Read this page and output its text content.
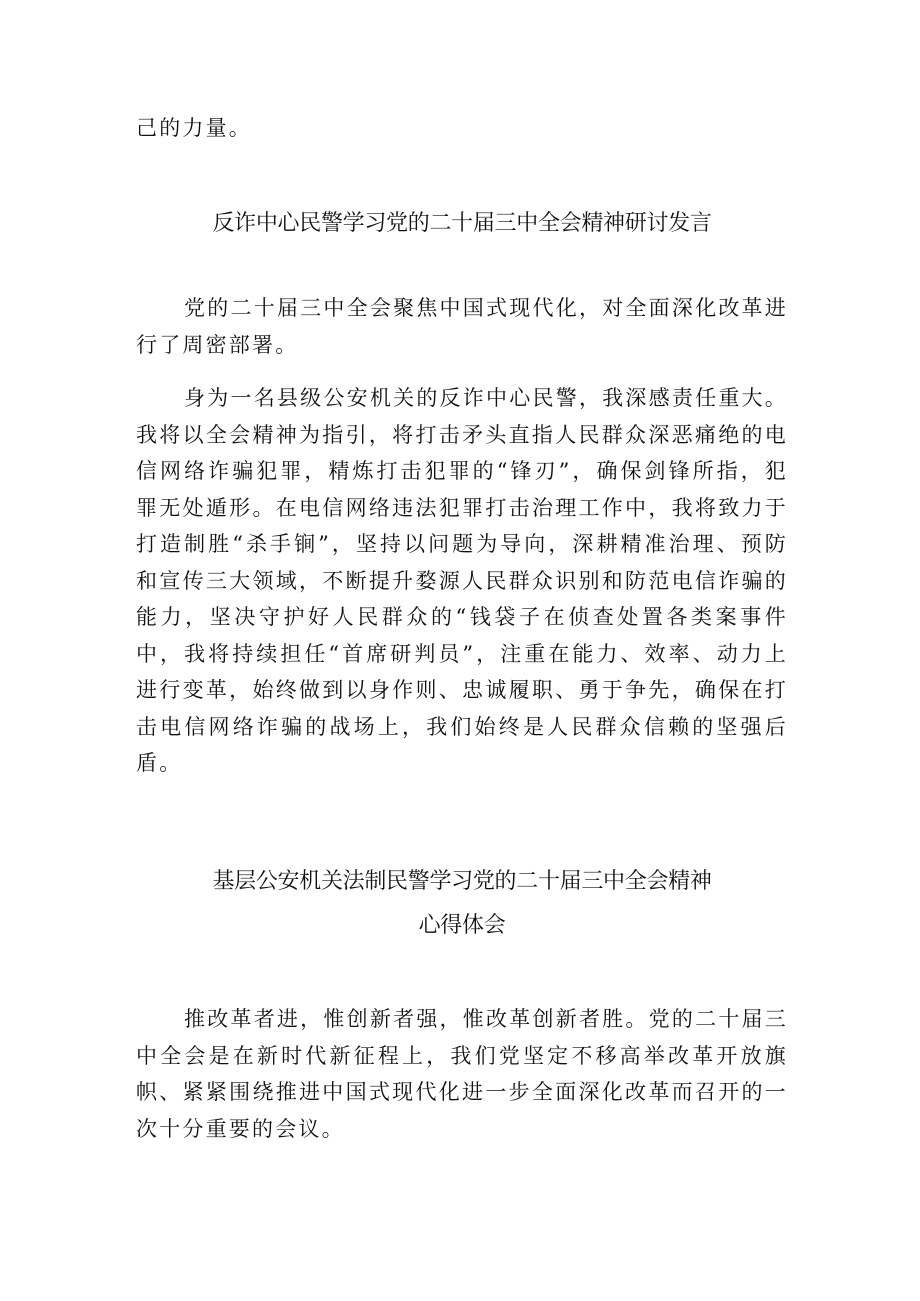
己的力量。

反诈中心民警学习党的二十届三中全会精神研讨发言

党的二十届三中全会聚焦中国式现代化，对全面深化改革进行了周密部署。

身为一名县级公安机关的反诈中心民警，我深感责任重大。我将以全会精神为指引，将打击矛头直指人民群众深恶痛绝的电信网络诈骗犯罪，精炼打击犯罪的“锋刃”，确保剑锋所指，犯罪无处遁形。在电信网络违法犯罪打击治理工作中，我将致力于打造制胜“杀手锏”，坚持以问题为导向，深耕精准治理、预防和宣传三大领域，不断提升婺源人民群众识别和防范电信诈骗的能力，坚决守护好人民群众的“钱袋子在侦查处置各类案事件中，我将持续担任“首席研判员”，注重在能力、效率、动力上进行变革，始终做到以身作则、忠诚履职、勇于争先，确保在打击电信网络诈骗的战场上，我们始终是人民群众信赖的坚强后盾。

基层公安机关法制民警学习党的二十届三中全会精神
心得体会

推改革者进，惟创新者强，惟改革创新者胜。党的二十届三中全会是在新时代新征程上，我们党坚定不移高举改革开放旗帜、紧紧围绕推进中国式现代化进一步全面深化改革而召开的一次十分重要的会议。
